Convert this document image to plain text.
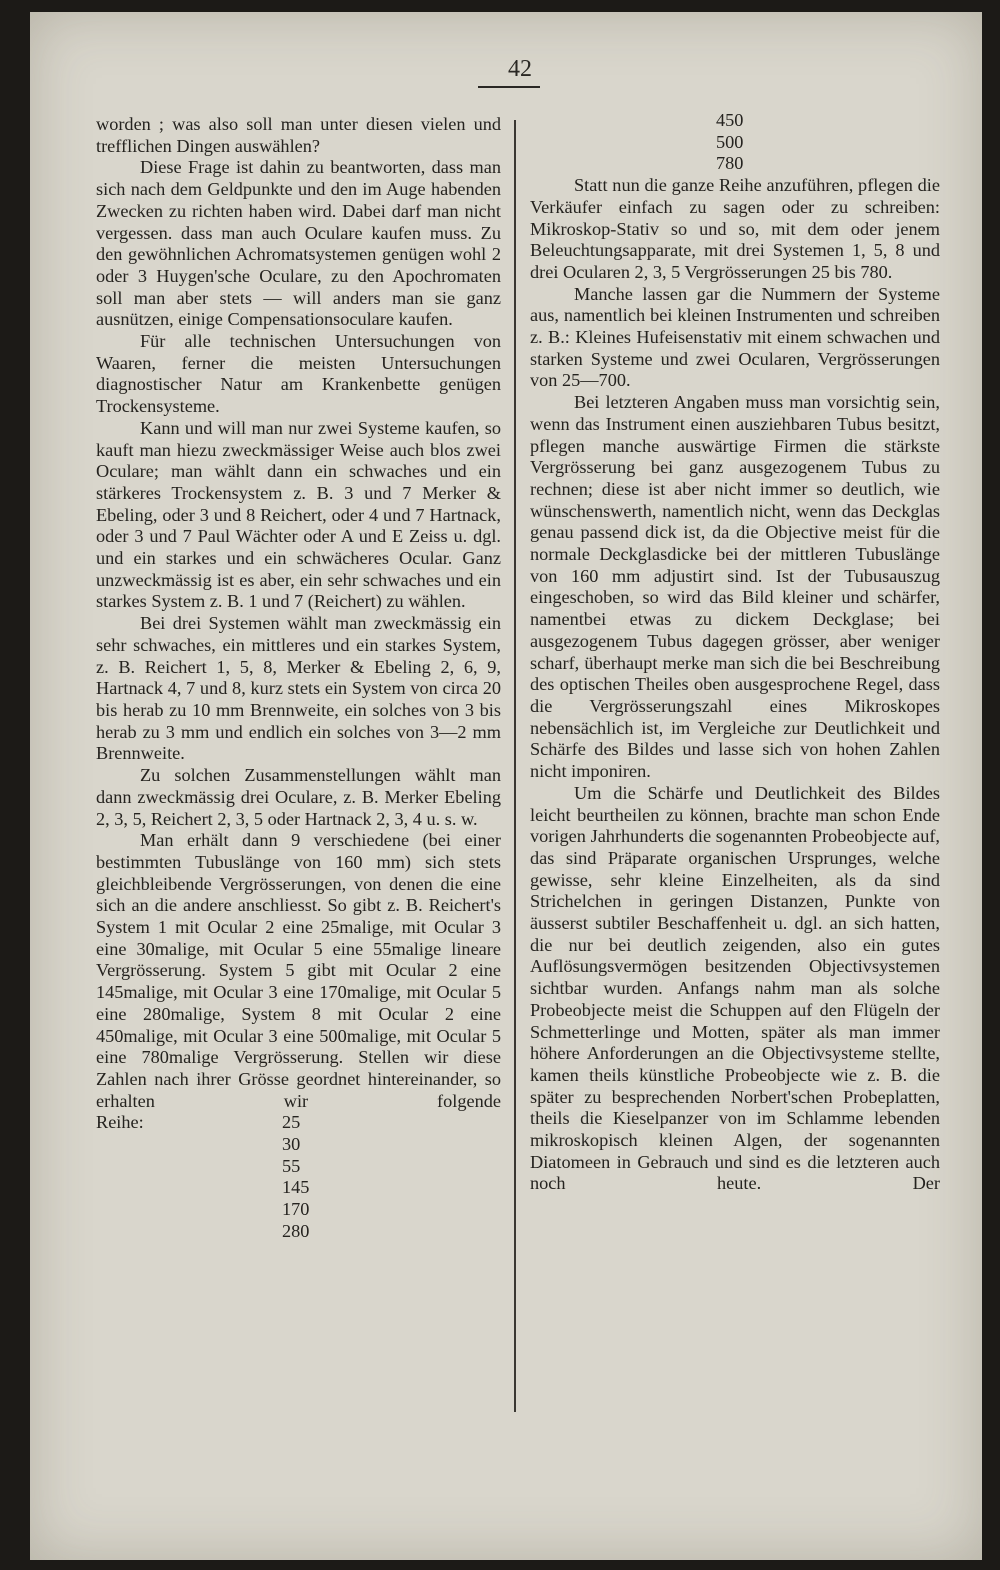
42

worden ; was also soll man unter diesen vielen und trefflichen Dingen auswählen?

Diese Frage ist dahin zu beantworten, dass man sich nach dem Geldpunkte und den im Auge habenden Zwecken zu richten haben wird. Dabei darf man nicht vergessen. dass man auch Oculare kaufen muss. Zu den gewöhnlichen Achromatsystemen genügen wohl 2 oder 3 Huygen'sche Oculare, zu den Apochromaten soll man aber stets — will anders man sie ganz ausnützen, einige Compensationsoculare kaufen.

Für alle technischen Untersuchungen von Waaren, ferner die meisten Untersuchungen diagnostischer Natur am Krankenbette genügen Trockensysteme.

Kann und will man nur zwei Systeme kaufen, so kauft man hiezu zweckmässiger Weise auch blos zwei Oculare; man wählt dann ein schwaches und ein stärkeres Trockensystem z. B. 3 und 7 Merker & Ebeling, oder 3 und 8 Reichert, oder 4 und 7 Hartnack, oder 3 und 7 Paul Wächter oder A und E Zeiss u. dgl. und ein starkes und ein schwächeres Ocular. Ganz unzweckmässig ist es aber, ein sehr schwaches und ein starkes System z. B. 1 und 7 (Reichert) zu wählen.

Bei drei Systemen wählt man zweckmässig ein sehr schwaches, ein mittleres und ein starkes System, z. B. Reichert 1, 5, 8, Merker & Ebeling 2, 6, 9, Hartnack 4, 7 und 8, kurz stets ein System von circa 20 bis herab zu 10 mm Brennweite, ein solches von 3 bis herab zu 3 mm und endlich ein solches von 3—2 mm Brennweite.

Zu solchen Zusammenstellungen wählt man dann zweckmässig drei Oculare, z. B. Merker Ebeling 2, 3, 5, Reichert 2, 3, 5 oder Hartnack 2, 3, 4 u. s. w.

Man erhält dann 9 verschiedene (bei einer bestimmten Tubuslänge von 160 mm) sich stets gleichbleibende Vergrösserungen, von denen die eine sich an die andere anschliesst. So gibt z. B. Reichert's System 1 mit Ocular 2 eine 25malige, mit Ocular 3 eine 30malige, mit Ocular 5 eine 55malige lineare Vergrösserung. System 5 gibt mit Ocular 2 eine 145malige, mit Ocular 3 eine 170malige, mit Ocular 5 eine 280malige, System 8 mit Ocular 2 eine 450malige, mit Ocular 3 eine 500malige, mit Ocular 5 eine 780malige Vergrösserung. Stellen wir diese Zahlen nach ihrer Grösse geordnet hintereinander, so erhalten wir folgende

Reihe:	25
30
55
145
170
280
450
500
780

Statt nun die ganze Reihe anzuführen, pflegen die Verkäufer einfach zu sagen oder zu schreiben: Mikroskop-Stativ so und so, mit dem oder jenem Beleuchtungsapparate, mit drei Systemen 1, 5, 8 und drei Ocularen 2, 3, 5 Vergrösserungen 25 bis 780.

Manche lassen gar die Nummern der Systeme aus, namentlich bei kleinen Instrumenten und schreiben z. B.: Kleines Hufeisenstativ mit einem schwachen und starken Systeme und zwei Ocularen, Vergrösserungen von 25—700.

Bei letzteren Angaben muss man vorsichtig sein, wenn das Instrument einen ausziehbaren Tubus besitzt, pflegen manche auswärtige Firmen die stärkste Vergrösserung bei ganz ausgezogenem Tubus zu rechnen; diese ist aber nicht immer so deutlich, wie wünschenswerth, namentlich nicht, wenn das Deckglas genau passend dick ist, da die Objective meist für die normale Deckglasdicke bei der mittleren Tubuslänge von 160 mm adjustirt sind. Ist der Tubusauszug eingeschoben, so wird das Bild kleiner und schärfer, namentbei etwas zu dickem Deckglase; bei ausgezogenem Tubus dagegen grösser, aber weniger scharf, überhaupt merke man sich die bei Beschreibung des optischen Theiles oben ausgesprochene Regel, dass die Vergrösserungszahl eines Mikroskopes nebensächlich ist, im Vergleiche zur Deutlichkeit und Schärfe des Bildes und lasse sich von hohen Zahlen nicht imponiren.

Um die Schärfe und Deutlichkeit des Bildes leicht beurtheilen zu können, brachte man schon Ende vorigen Jahrhunderts die sogenannten Probeobjecte auf, das sind Präparate organischen Ursprunges, welche gewisse, sehr kleine Einzelheiten, als da sind Strichelchen in geringen Distanzen, Punkte von äusserst subtiler Beschaffenheit u. dgl. an sich hatten, die nur bei deutlich zeigenden, also ein gutes Auflösungsvermögen besitzenden Objectivsystemen sichtbar wurden. Anfangs nahm man als solche Probeobjecte meist die Schuppen auf den Flügeln der Schmetterlinge und Motten, später als man immer höhere Anforderungen an die Objectivsysteme stellte, kamen theils künstliche Probeobjecte wie z. B. die später zu besprechenden Norbert'schen Probeplatten, theils die Kieselpanzer von im Schlamme lebenden mikroskopisch kleinen Algen, der sogenannten Diatomeen in Gebrauch und sind es die letzteren auch noch heute. Der
